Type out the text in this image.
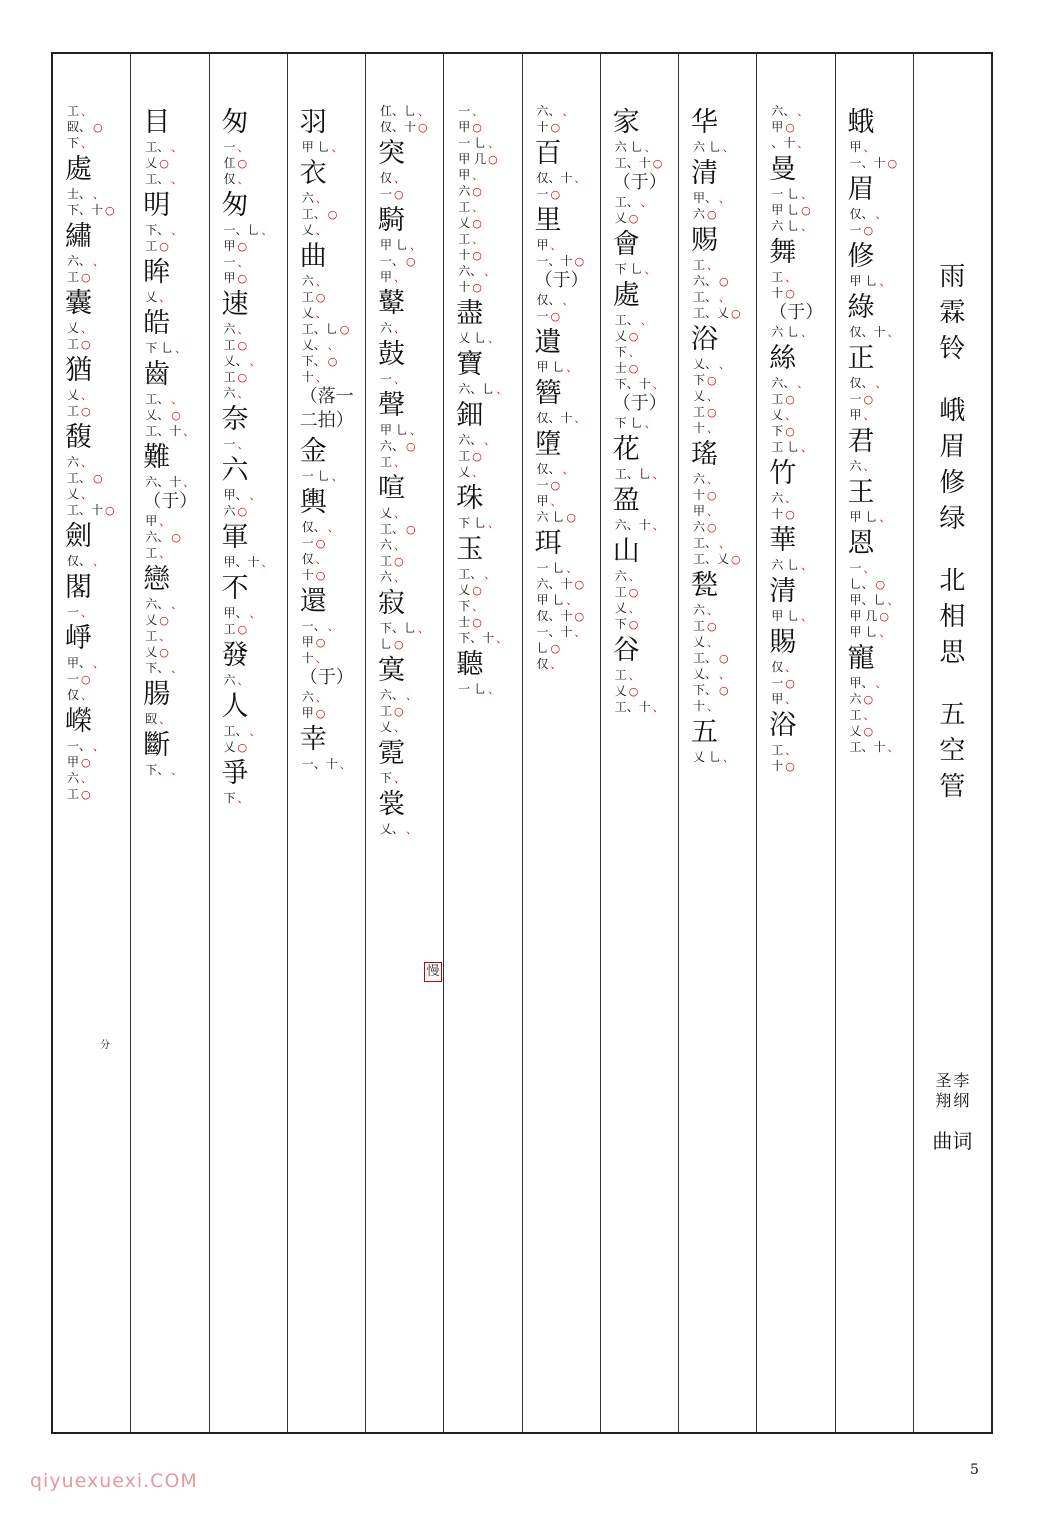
工 、
臤、 ○
下 、
處
士、 、
下、十 ○
繡
六、 、
工 ○
囊
乂 、
工 ○
猶
乂 、
工 ○
馥
六 、
工、 ○
乂 、
工、十 ○
劍
仅、 、
閣
一 、
崢
甲、 、
一 ○
仅 、
嶸
一、 、
甲 ○
六 、
工 ○
目
工、 、
乂 ○
工、 、
明
下、 、
工 ○
眸
乂 、
皓
下 乚 、
齒
工、 、
乂、 ○
工、十 、
難
六、十 、
（于）
甲 、
六、 ○
工 、
戀
六、 、
乂 ○
工 、
乂 ○
下、 、
腸
臤 、
斷
下、 、
匆
一 、
仜 ○
仅 、
匆
一、乚 、
甲 ○
一 、
甲 ○
速
六 、
工 ○
乂、 、
工 ○
六 、
奈
一 、
六
甲、 、
六 ○
軍
甲、十 、
不
甲、 、
工 ○
發
六 、
人
工、 、
乂 ○
爭
下 、
羽
甲 乚 、
衣
六 、
工、 ○
乂 、
曲
六 、
工 ○
乂 、
工、乚 ○
乂、 、
下、 ○
十 、
（落一二拍）
金
一 乚 、
輿
仅、 、
一 ○
仅 、
十 ○
還
一、 、
甲 ○
十 、
（于）
六 、
甲 ○
幸
一、十 、
仜、乚 、
仅、十 ○
突
仅 、
一 ○
騎
甲 乚 、
一、 ○
甲 、
鼙
六 、
鼓
一 、
聲
甲 乚 、
六、 ○
工 、
喧
乂 、
工、 ○
六 、
工 ○
六 、
寂
下、乚 、
乚 ○
寞
六、 、
工 ○
乂 、
霓
下 、
裳
乂、 、
一 、
甲 ○
一 乚 、
甲 几 ○
甲 、
六 ○
工 、
乂 ○
工 、
十 ○
六、 、
十 ○
盡
乂 乚 、
寶
六、乚 、
鈿
六、 、
工 ○
乂 、
珠
下 乚 、
玉
工、 、
乂 ○
下 、
士 ○
下、十 、
聽
一 乚 、
六、 、
十 ○
百
仅、十 、
一 ○
里
甲 、
一、十 ○
（于）
仅、 、
一 ○
遺
甲 乚 、
簪
仅、十 、
墮
仅、 、
一 ○
甲 、
六 乚 ○
珥
一 乚 、
六、十 ○
甲 乚 、
仅、十 ○
一、十 、
乚 ○
仅 、
家
六 乚 、
工、十 ○
（于）
工、 、
乂 ○
會
下 乚 、
處
工、 、
乂 ○
下 、
士 ○
下、十 、
（于）
下 乚 、
花
工、乚 、
盈
六、十 、
山
六 、
工 ○
乂 、
下 ○
谷
工 、
乂 ○
工、十 、
华
六 乚 、
清
甲、 、
六 ○
赐
工 、
六、 ○
工、 、
工、乂 ○
浴
乂、 、
下 ○
乂 、
工 ○
十 、
瑤
六 、
十 ○
甲 、
六 ○
工、 、
工、乂 ○
甃
六 、
工 ○
乂 、
工、 ○
乂、 、
下、 ○
十 、
五
乂 乚 、
六、 、
甲 ○
、十 、
曼
一 乚 、
甲 乚 ○
六 乚 、
舞
工 、
十 ○
（于）
六 乚 、
絲
六、 、
工 ○
乂 、
下 ○
工 乚 、
竹
六 、
十 ○
華
六 乚 、
清
甲 乚 、
賜
仅 、
一 ○
甲 、
浴
工 、
十 ○
蛾
甲 、
一、十 ○
眉
仅、 、
一 ○
修
甲 乚 、
綠
仅、十 、
正
仅、 、
一 ○
甲 、
君
六 、
王
甲 乚 、
恩
一 、
乚、 ○
甲、乚 、
甲 几 ○
甲 乚 、
寵
甲、 、
六 ○
工 、
乂 ○
工、十 、
雨
霖
铃
峨
眉
修
绿
北
相
思
五
空
管
李
纲
圣
翔
曲 词
5
qiyuexuexi.COM
分
慢
